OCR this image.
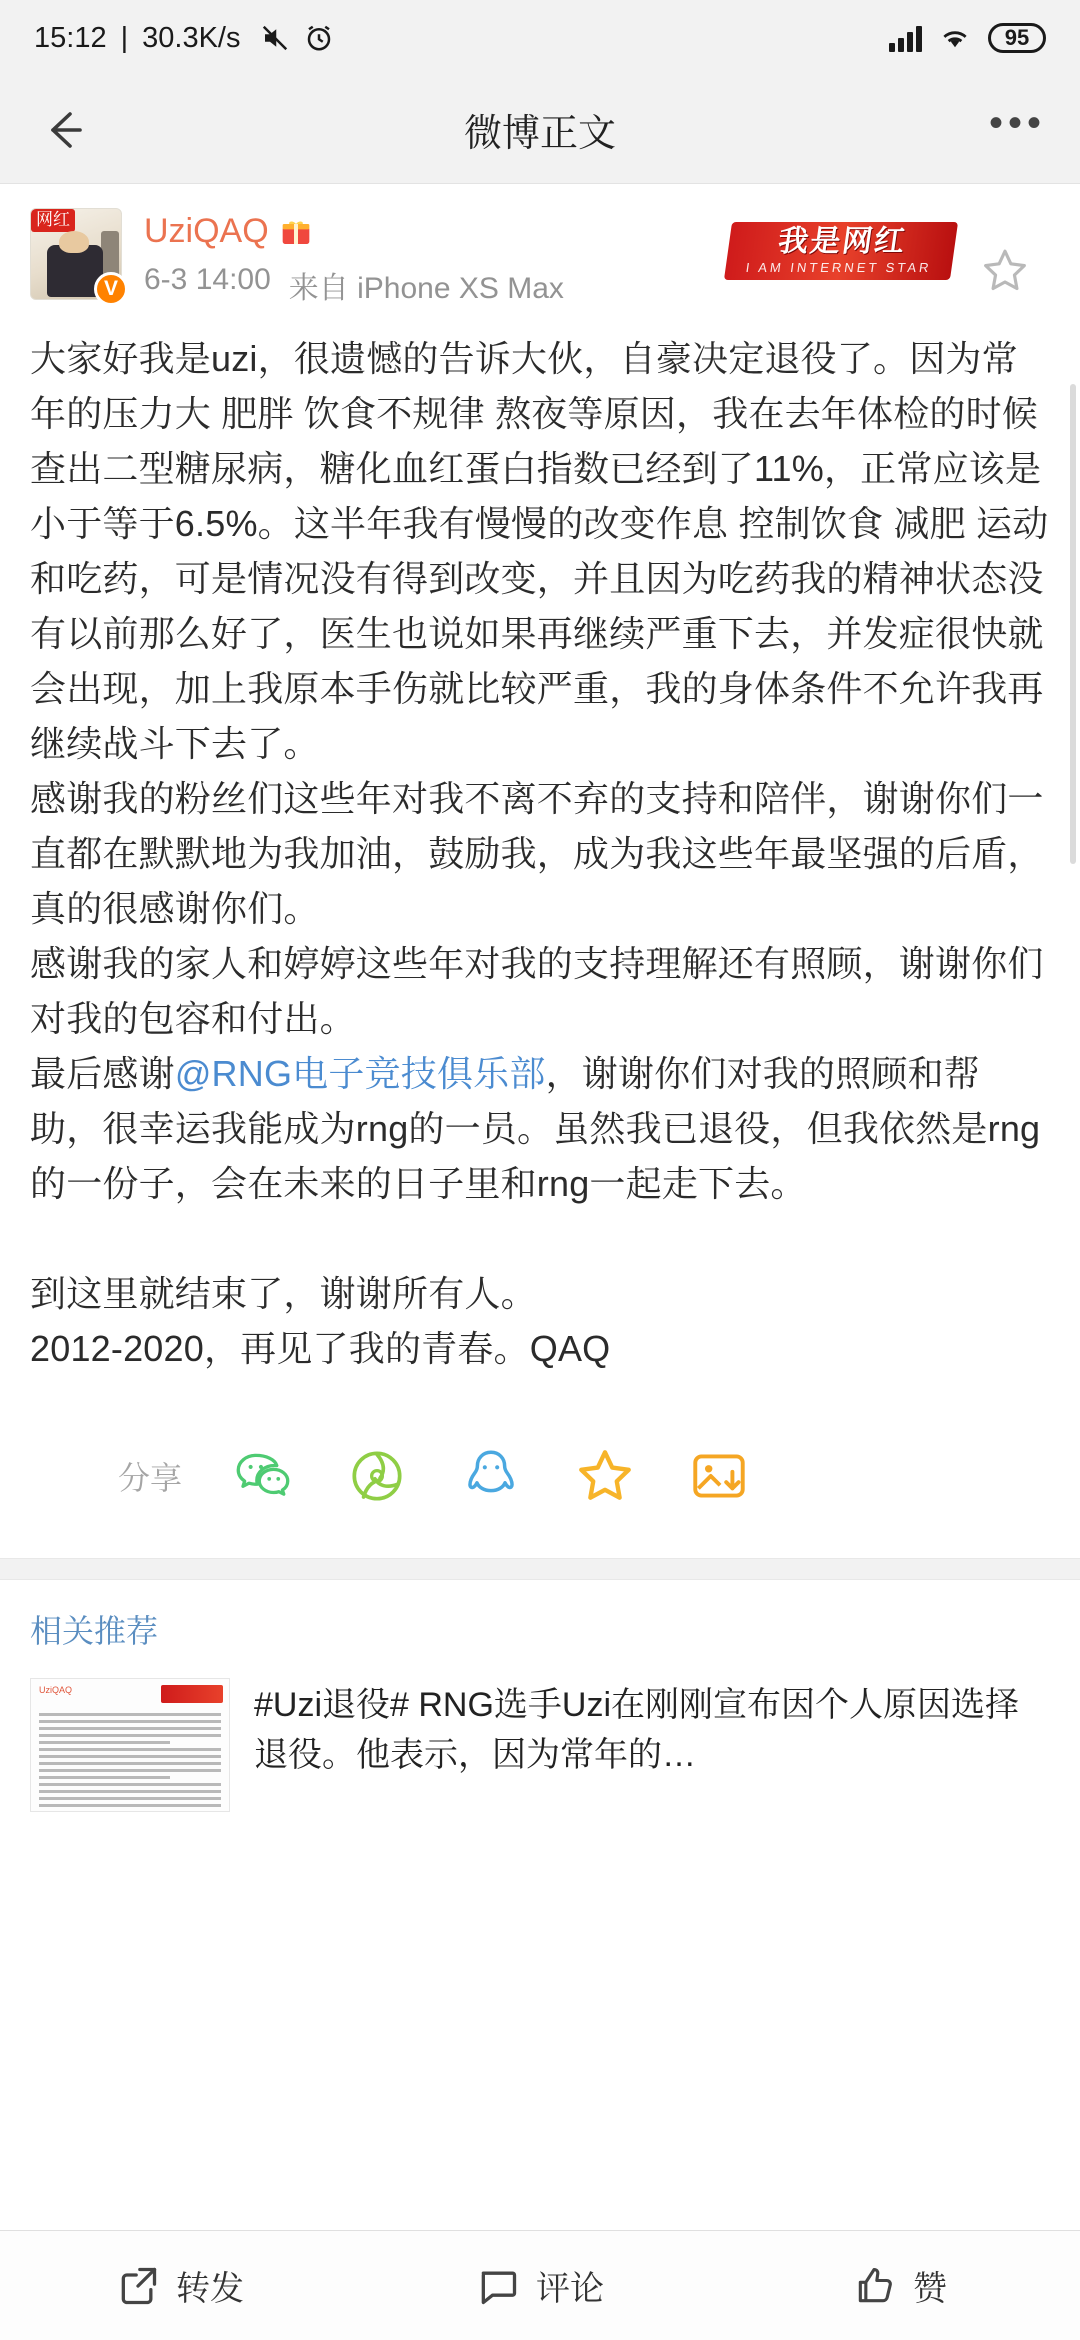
15:12 | 30.3K/s	95
微博正文	•••
网红
V
UziQAQ
6-3 14:00 来自 iPhone XS Max
我是网红
I AM INTERNET STAR

大家好我是uzi，很遗憾的告诉大伙，自豪决定退役了。因为常年的压力大 肥胖 饮食不规律 熬夜等原因，我在去年体检的时候查出二型糖尿病，糖化血红蛋白指数已经到了11%，正常应该是小于等于6.5%。这半年我有慢慢的改变作息 控制饮食 减肥 运动和吃药，可是情况没有得到改变，并且因为吃药我的精神状态没有以前那么好了，医生也说如果再继续严重下去，并发症很快就会出现，加上我原本手伤就比较严重，我的身体条件不允许我再继续战斗下去了。

感谢我的粉丝们这些年对我不离不弃的支持和陪伴，谢谢你们一直都在默默地为我加油，鼓励我，成为我这些年最坚强的后盾，真的很感谢你们。

感谢我的家人和婷婷这些年对我的支持理解还有照顾，谢谢你们对我的包容和付出。

最后感谢@RNG电子竞技俱乐部，谢谢你们对我的照顾和帮助，很幸运我能成为rng的一员。虽然我已退役，但我依然是rng的一份子，会在未来的日子里和rng一起走下去。

到这里就结束了，谢谢所有人。

2012-2020，再见了我的青春。QAQ

分享
相关推荐
UziQAQ	#Uzi退役# RNG选手Uzi在刚刚宣布因个人原因选择退役。他表示，因为常年的…
转发	评论	赞
